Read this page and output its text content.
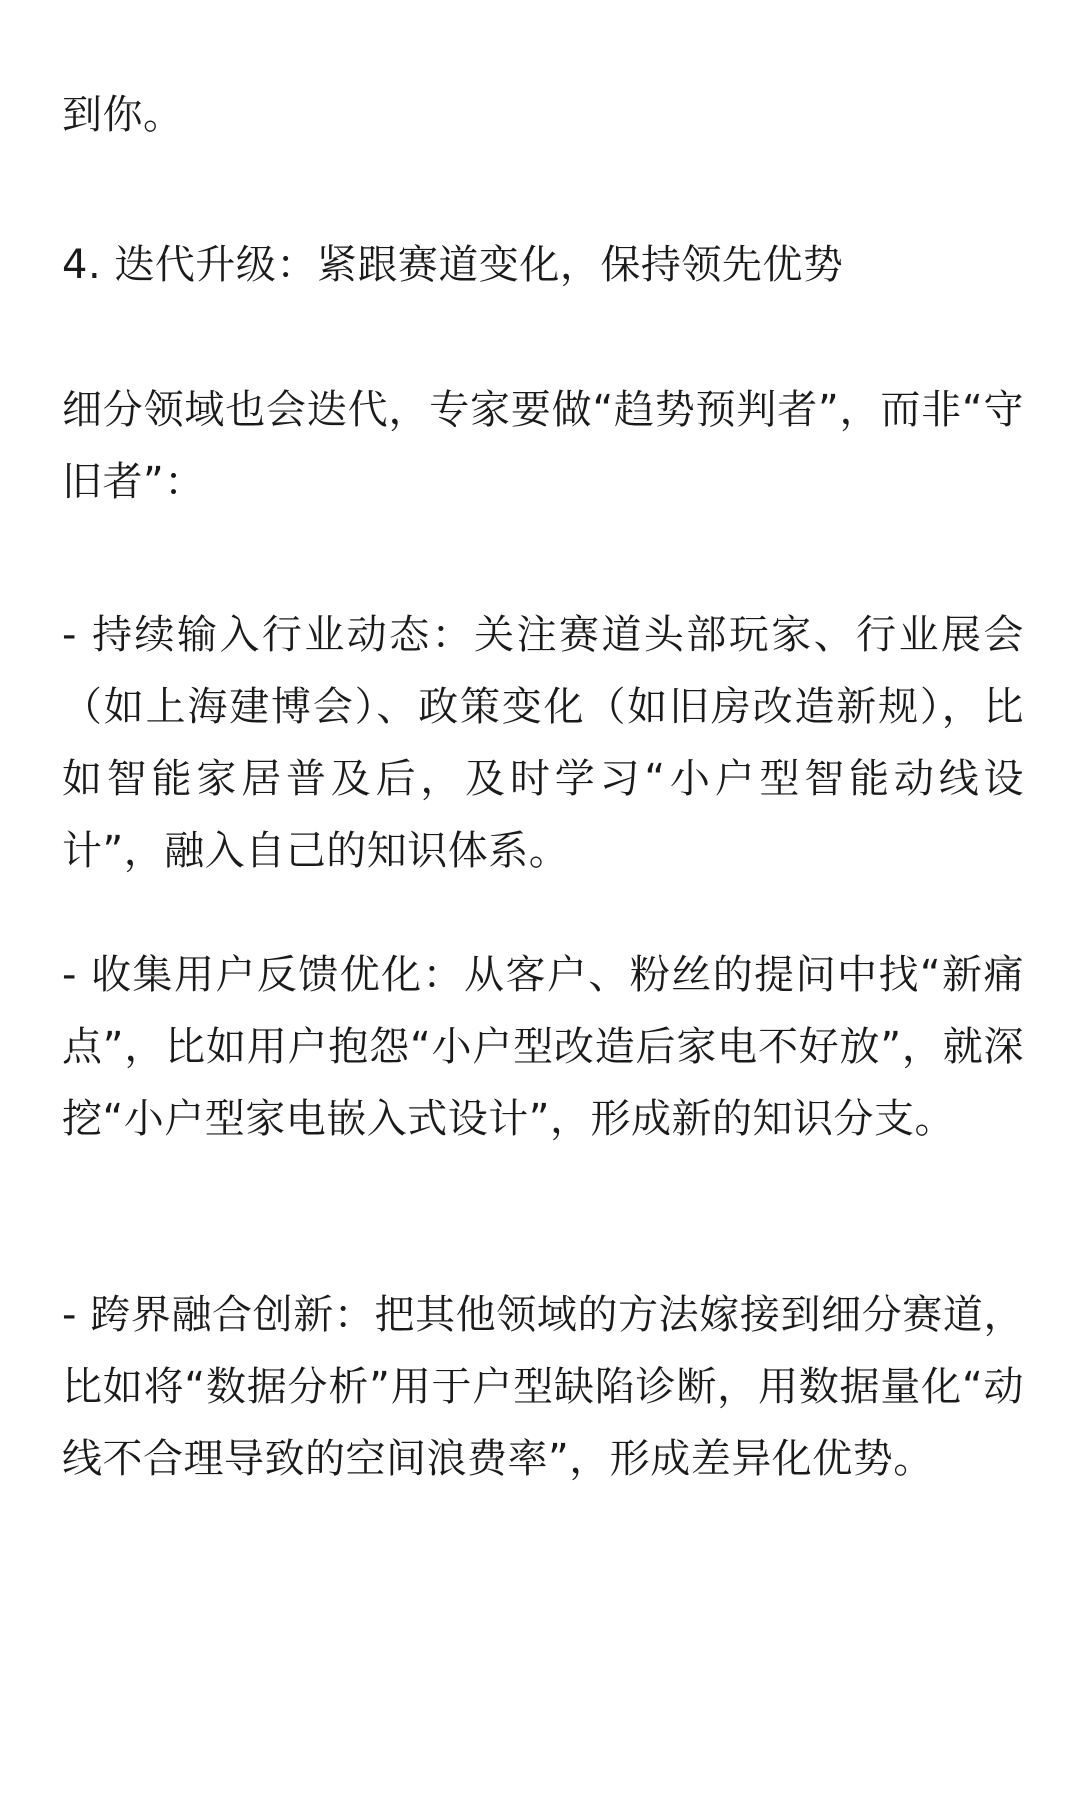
到你。

4. 迭代升级：紧跟赛道变化，保持领先优势

细分领域也会迭代，专家要做“趋势预判者”，而非“守旧者”：

- 持续输入行业动态：关注赛道头部玩家、行业展会（如上海建博会）、政策变化（如旧房改造新规），比如智能家居普及后，及时学习“小户型智能动线设计”，融入自己的知识体系。

- 收集用户反馈优化：从客户、粉丝的提问中找“新痛点”，比如用户抱怨“小户型改造后家电不好放”，就深挖“小户型家电嵌入式设计”，形成新的知识分支。

- 跨界融合创新：把其他领域的方法嫁接到细分赛道，比如将“数据分析”用于户型缺陷诊断，用数据量化“动线不合理导致的空间浪费率”，形成差异化优势。
